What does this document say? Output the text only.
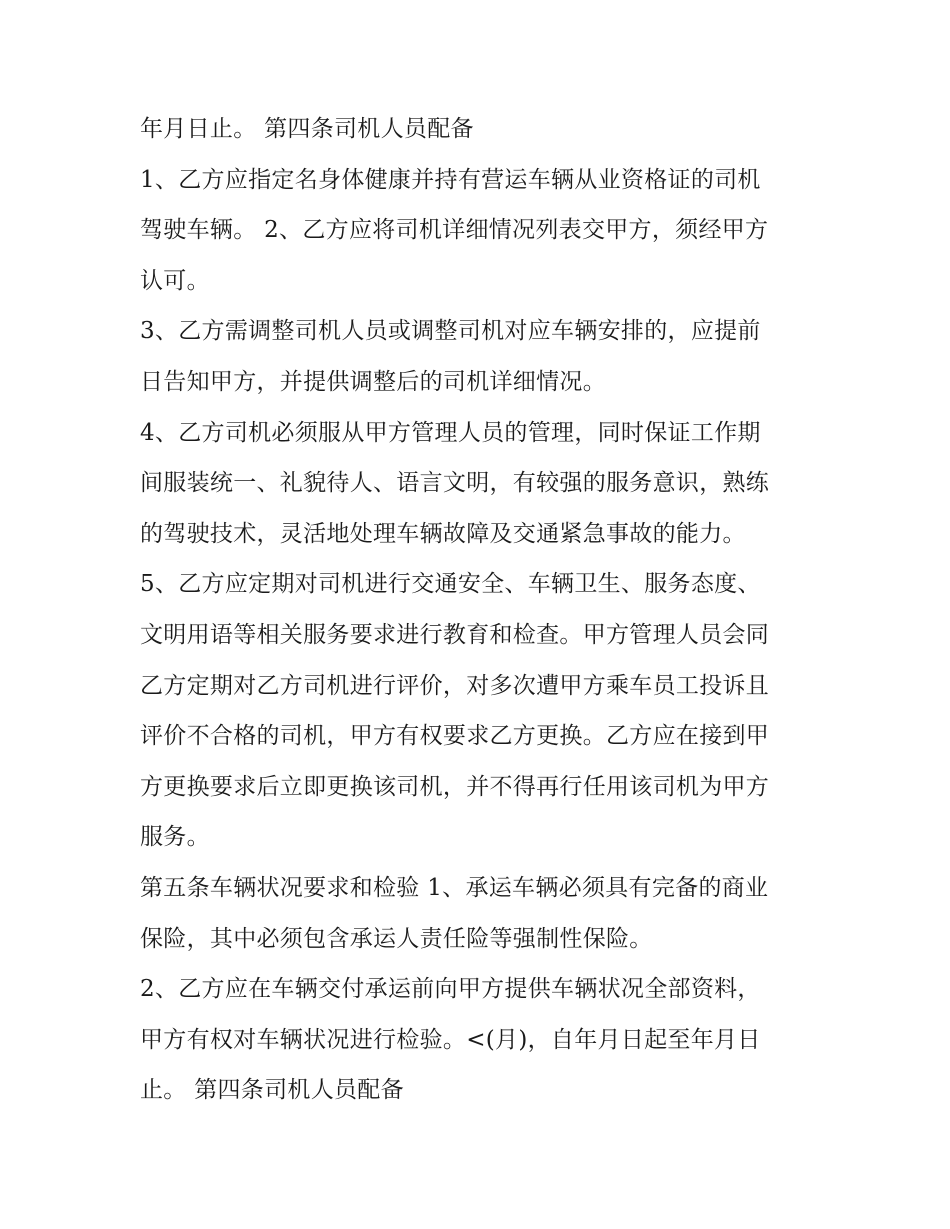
年月日止。 第四条司机人员配备
1、乙方应指定名身体健康并持有营运车辆从业资格证的司机
驾驶车辆。 2、乙方应将司机详细情况列表交甲方，须经甲方
认可。
3、乙方需调整司机人员或调整司机对应车辆安排的，应提前
日告知甲方，并提供调整后的司机详细情况。
4、乙方司机必须服从甲方管理人员的管理，同时保证工作期
间服装统一、礼貌待人、语言文明，有较强的服务意识，熟练
的驾驶技术，灵活地处理车辆故障及交通紧急事故的能力。
5、乙方应定期对司机进行交通安全、车辆卫生、服务态度、
文明用语等相关服务要求进行教育和检查。甲方管理人员会同
乙方定期对乙方司机进行评价，对多次遭甲方乘车员工投诉且
评价不合格的司机，甲方有权要求乙方更换。乙方应在接到甲
方更换要求后立即更换该司机，并不得再行任用该司机为甲方
服务。
第五条车辆状况要求和检验 1、承运车辆必须具有完备的商业
保险，其中必须包含承运人责任险等强制性保险。
2、乙方应在车辆交付承运前向甲方提供车辆状况全部资料，
甲方有权对车辆状况进行检验。<(月)，自年月日起至年月日
止。 第四条司机人员配备
